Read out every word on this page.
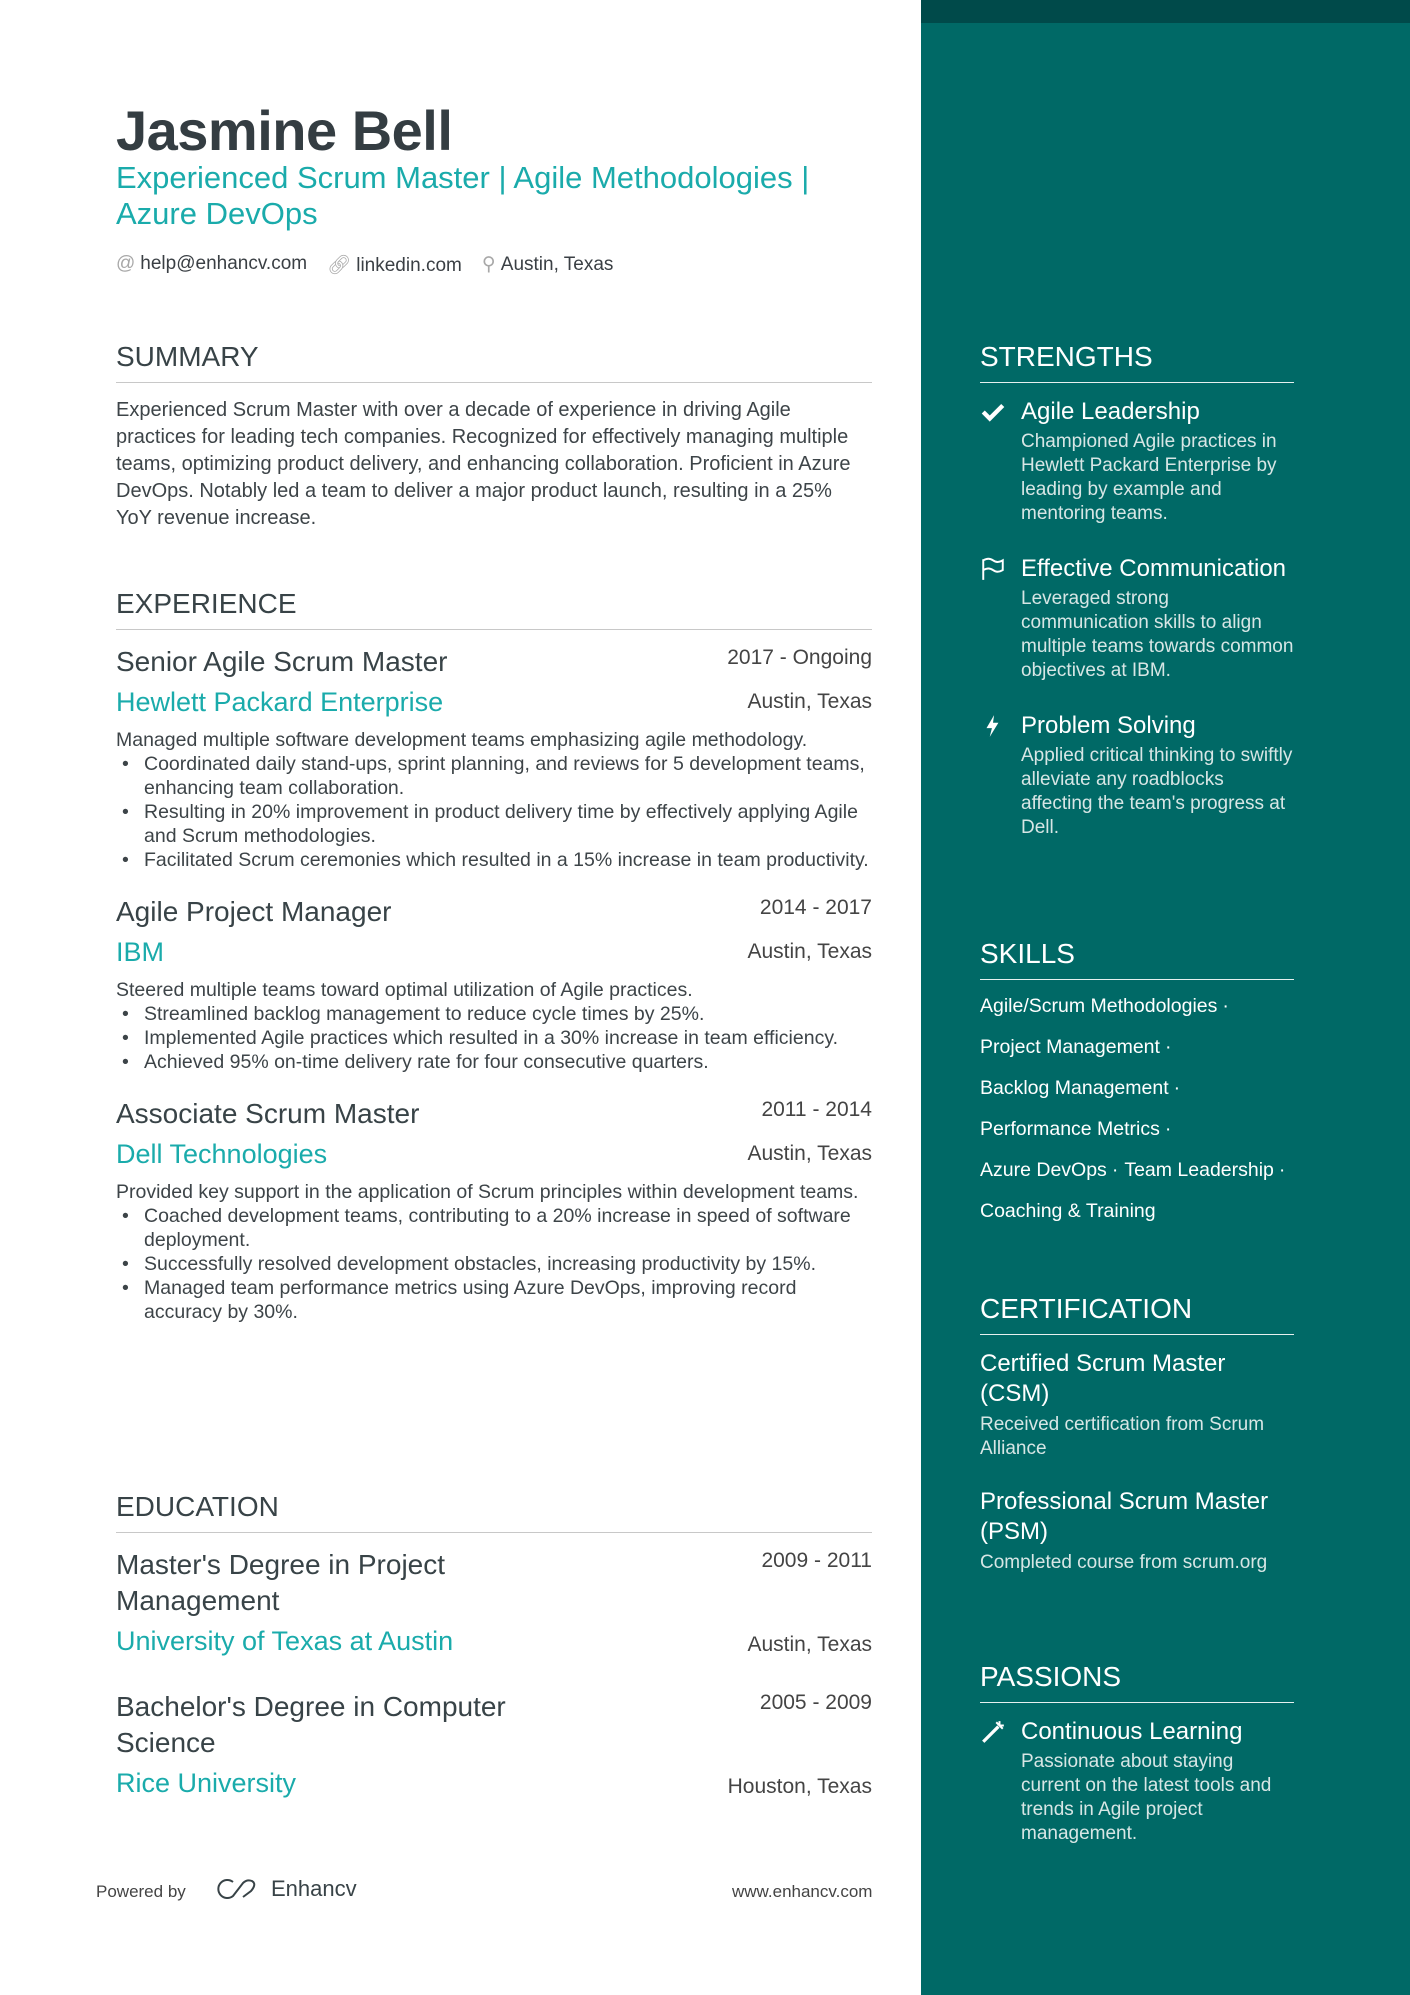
Jasmine Bell
Experienced Scrum Master | Agile Methodologies | Azure DevOps
@ help@enhancv.com 🔗︎ linkedin.com ⚲ Austin, Texas
SUMMARY

Experienced Scrum Master with over a decade of experience in driving Agile practices for leading tech companies. Recognized for effectively managing multiple teams, optimizing product delivery, and enhancing collaboration. Proficient in Azure DevOps. Notably led a team to deliver a major product launch, resulting in a 25% YoY revenue increase.

EXPERIENCE
Senior Agile Scrum Master	2017 - Ongoing
Hewlett Packard Enterprise	Austin, Texas
Managed multiple software development teams emphasizing agile methodology.
• Coordinated daily stand-ups, sprint planning, and reviews for 5 development teams, enhancing team collaboration.
• Resulting in 20% improvement in product delivery time by effectively applying Agile and Scrum methodologies.
• Facilitated Scrum ceremonies which resulted in a 15% increase in team productivity.
Agile Project Manager	2014 - 2017
IBM	Austin, Texas
Steered multiple teams toward optimal utilization of Agile practices.
• Streamlined backlog management to reduce cycle times by 25%.
• Implemented Agile practices which resulted in a 30% increase in team efficiency.
• Achieved 95% on-time delivery rate for four consecutive quarters.
Associate Scrum Master	2011 - 2014
Dell Technologies	Austin, Texas
Provided key support in the application of Scrum principles within development teams.
• Coached development teams, contributing to a 20% increase in speed of software deployment.
• Successfully resolved development obstacles, increasing productivity by 15%.
• Managed team performance metrics using Azure DevOps, improving record accuracy by 30%.
EDUCATION
Master's Degree in Project Management
2009 - 2011
University of Texas at Austin	Austin, Texas
Bachelor's Degree in Computer Science
2005 - 2009
Rice University	Houston, Texas
STRENGTHS
Agile Leadership
Championed Agile practices in Hewlett Packard Enterprise by leading by example and mentoring teams.
Effective Communication
Leveraged strong communication skills to align multiple teams towards common objectives at IBM.
Problem Solving
Applied critical thinking to swiftly alleviate any roadblocks affecting the team's progress at Dell.
SKILLS
Agile/Scrum Methodologies ·
Project Management ·
Backlog Management ·
Performance Metrics ·
Azure DevOps · Team Leadership ·
Coaching & Training
CERTIFICATION
Certified Scrum Master (CSM)
Received certification from Scrum Alliance
Professional Scrum Master (PSM)
Completed course from scrum.org
PASSIONS
Continuous Learning
Passionate about staying current on the latest tools and trends in Agile project management.
Powered by	Enhancv	www.enhancv.com
